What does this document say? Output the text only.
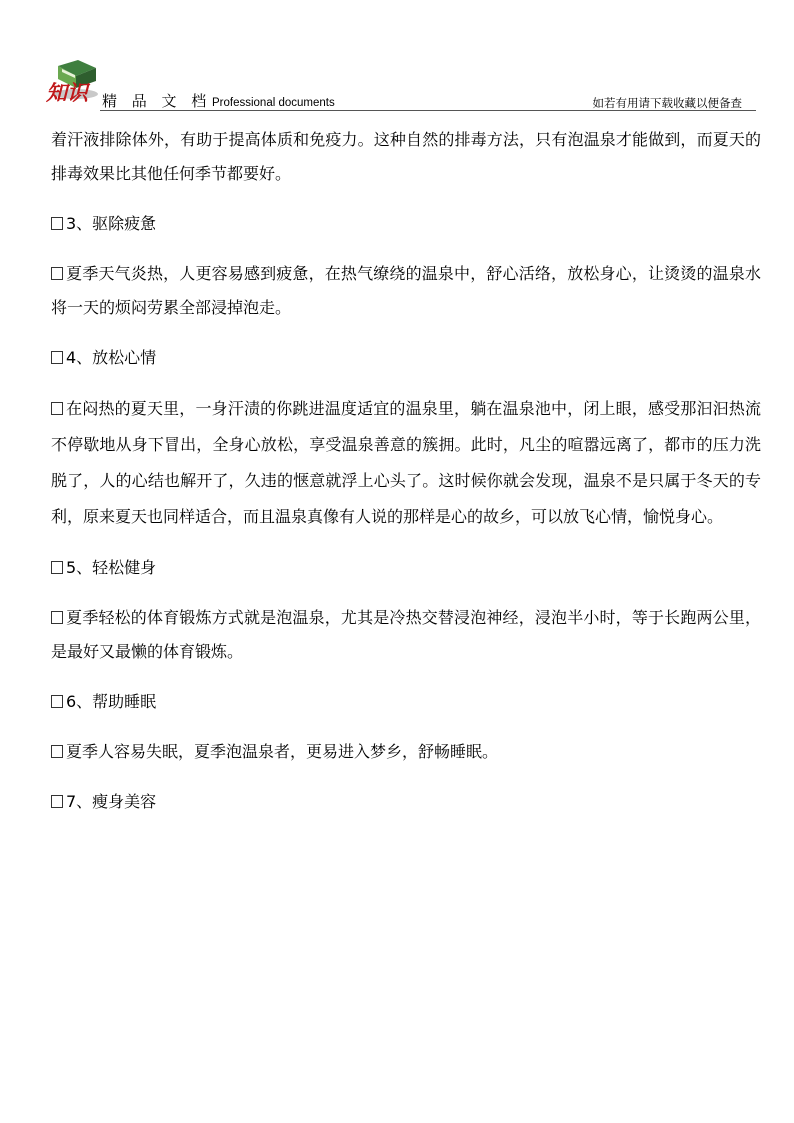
知识 精 品 文 档 Professional documents	如若有用请下载收藏以便备查

着汗液排除体外，有助于提高体质和免疫力。这种自然的排毒方法，只有泡温泉才能做到，而夏天的排毒效果比其他任何季节都要好。

3、驱除疲惫

夏季天气炎热，人更容易感到疲惫，在热气缭绕的温泉中，舒心活络，放松身心，让烫烫的温泉水将一天的烦闷劳累全部浸掉泡走。

4、放松心情

在闷热的夏天里，一身汗渍的你跳进温度适宜的温泉里，躺在温泉池中，闭上眼，感受那汩汩热流不停歇地从身下冒出，全身心放松，享受温泉善意的簇拥。此时，凡尘的喧嚣远离了，都市的压力洗脱了，人的心结也解开了，久违的惬意就浮上心头了。这时候你就会发现，温泉不是只属于冬天的专利，原来夏天也同样适合，而且温泉真像有人说的那样是心的故乡，可以放飞心情，愉悦身心。

5、轻松健身

夏季轻松的体育锻炼方式就是泡温泉，尤其是冷热交替浸泡神经，浸泡半小时，等于长跑两公里，是最好又最懒的体育锻炼。

6、帮助睡眠

夏季人容易失眠，夏季泡温泉者，更易进入梦乡，舒畅睡眠。

7、瘦身美容
